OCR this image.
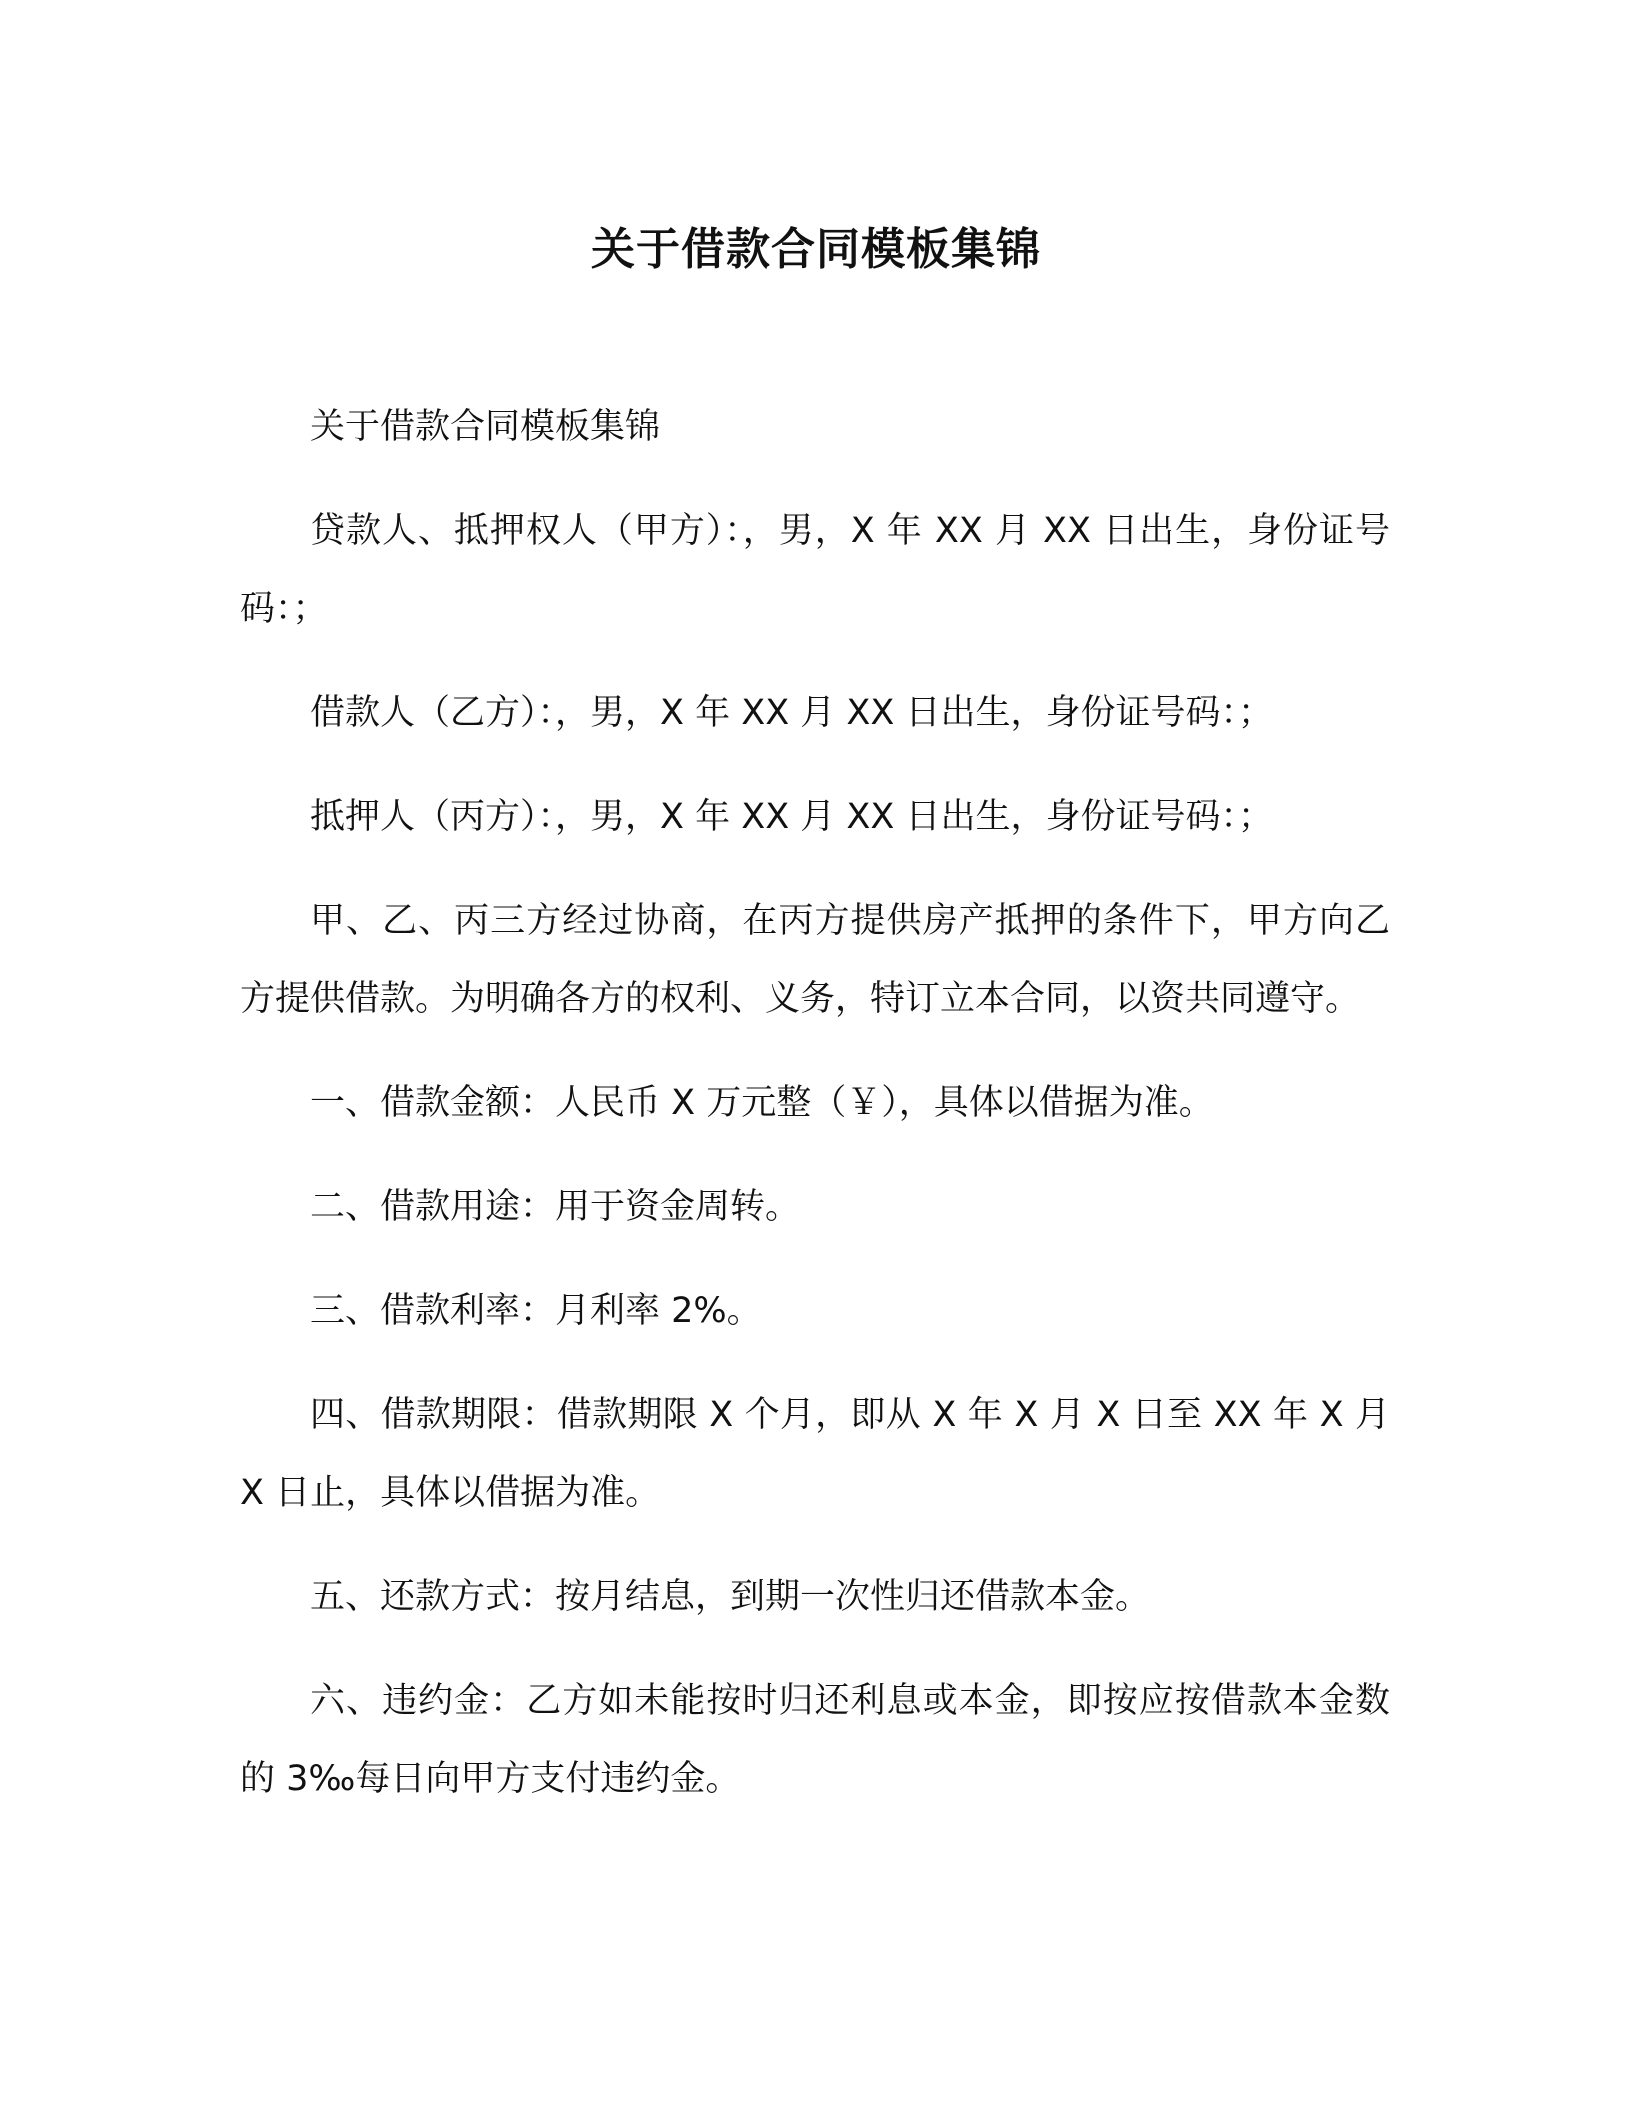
关于借款合同模板集锦

关于借款合同模板集锦

贷款人、抵押权人（甲方）：，男，X 年 XX 月 XX 日出生，身份证号码：；

借款人（乙方）：，男，X 年 XX 月 XX 日出生，身份证号码：；

抵押人（丙方）：，男，X 年 XX 月 XX 日出生，身份证号码：；

甲、乙、丙三方经过协商，在丙方提供房产抵押的条件下，甲方向乙方提供借款。为明确各方的权利、义务，特订立本合同，以资共同遵守。

一、借款金额：人民币 X 万元整（￥），具体以借据为准。

二、借款用途：用于资金周转。

三、借款利率：月利率 2%。

四、借款期限：借款期限 X 个月，即从 X 年 X 月 X 日至 XX 年 X 月 X 日止，具体以借据为准。

五、还款方式：按月结息，到期一次性归还借款本金。

六、违约金：乙方如未能按时归还利息或本金，即按应按借款本金数的 3‰每日向甲方支付违约金。
